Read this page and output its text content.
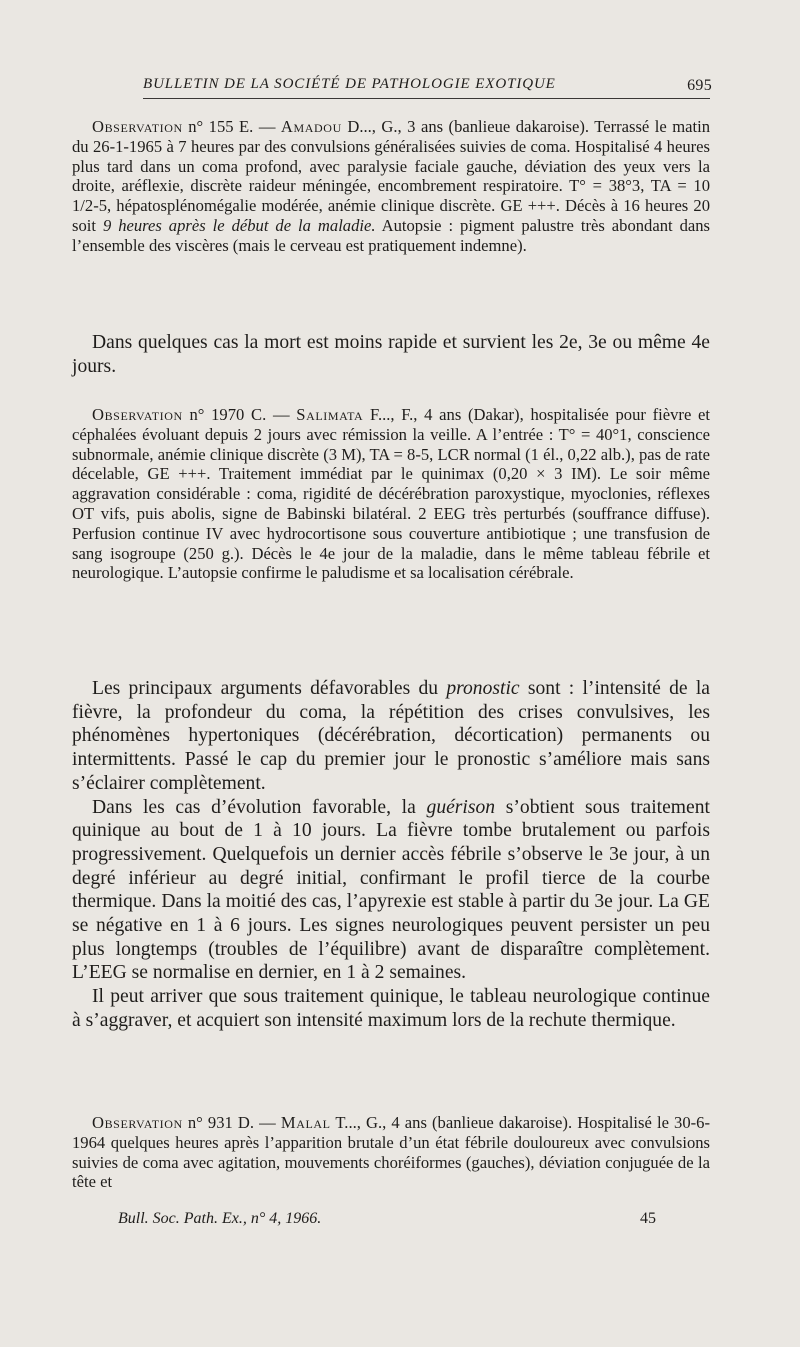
BULLETIN DE LA SOCIÉTÉ DE PATHOLOGIE EXOTIQUE	695

Observation n° 155 E. — Amadou D..., G., 3 ans (banlieue dakaroise). Terrassé le matin du 26-1-1965 à 7 heures par des convulsions généralisées suivies de coma. Hospitalisé 4 heures plus tard dans un coma profond, avec paralysie faciale gauche, déviation des yeux vers la droite, aréflexie, discrète raideur méningée, encombrement respiratoire. T° = 38°3, TA = 10 1/2-5, hépatosplénomégalie modérée, anémie clinique discrète. GE +++. Décès à 16 heures 20 soit 9 heures après le début de la maladie. Autopsie : pigment palustre très abondant dans l’ensemble des viscères (mais le cerveau est pratiquement indemne).

Dans quelques cas la mort est moins rapide et survient les 2e, 3e ou même 4e jours.

Observation n° 1970 C. — Salimata F..., F., 4 ans (Dakar), hospitalisée pour fièvre et céphalées évoluant depuis 2 jours avec rémission la veille. A l’entrée : T° = 40°1, conscience subnormale, anémie clinique discrète (3 M), TA = 8-5, LCR normal (1 él., 0,22 alb.), pas de rate décelable, GE +++. Traitement immédiat par le quinimax (0,20 × 3 IM). Le soir même aggravation considérable : coma, rigidité de décérébration paroxystique, myoclonies, réflexes OT vifs, puis abolis, signe de Babinski bilatéral. 2 EEG très perturbés (souffrance diffuse). Perfusion continue IV avec hydrocortisone sous couverture antibiotique ; une transfusion de sang isogroupe (250 g.). Décès le 4e jour de la maladie, dans le même tableau fébrile et neurologique. L’autopsie confirme le paludisme et sa localisation cérébrale.

Les principaux arguments défavorables du pronostic sont : l’intensité de la fièvre, la profondeur du coma, la répétition des crises convulsives, les phénomènes hypertoniques (décérébration, décortication) permanents ou intermittents. Passé le cap du premier jour le pronostic s’améliore mais sans s’éclairer complètement.

Dans les cas d’évolution favorable, la guérison s’obtient sous traitement quinique au bout de 1 à 10 jours. La fièvre tombe brutalement ou parfois progressivement. Quelquefois un dernier accès fébrile s’observe le 3e jour, à un degré inférieur au degré initial, confirmant le profil tierce de la courbe thermique. Dans la moitié des cas, l’apyrexie est stable à partir du 3e jour. La GE se négative en 1 à 6 jours. Les signes neurologiques peuvent persister un peu plus longtemps (troubles de l’équilibre) avant de disparaître complètement. L’EEG se normalise en dernier, en 1 à 2 semaines.

Il peut arriver que sous traitement quinique, le tableau neurologique continue à s’aggraver, et acquiert son intensité maximum lors de la rechute thermique.

Observation n° 931 D. — Malal T..., G., 4 ans (banlieue dakaroise). Hospitalisé le 30-6-1964 quelques heures après l’apparition brutale d’un état fébrile douloureux avec convulsions suivies de coma avec agitation, mouvements choréiformes (gauches), déviation conjuguée de la tête et

Bull. Soc. Path. Ex., n° 4, 1966.	45
